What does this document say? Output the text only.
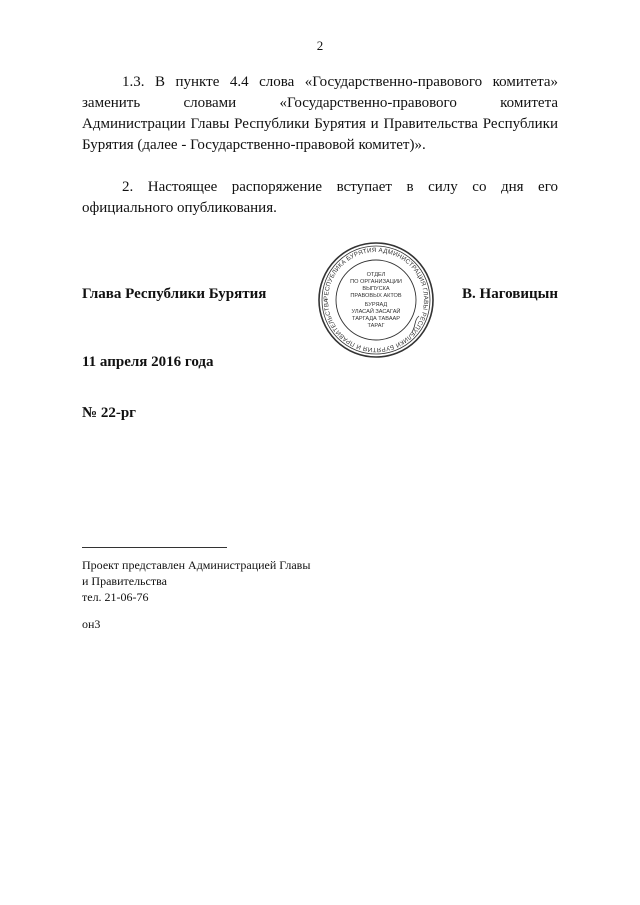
2
1.3. В пункте 4.4 слова «Государственно-правового комитета»
заменить словами «Государственно-правового комитета
Администрации Главы Республики Бурятия и Правительства Республики
Бурятия (далее - Государственно-правовой комитет)».
2. Настоящее распоряжение вступает в силу со дня его
официального опубликования.
Глава Республики Бурятия	РЕСПУБЛИКА БУРЯТИЯ АДМИНИСТРАЦИЯ ГЛАВЫ РЕСПУБЛИКИ БУРЯТИЯ И ПРАВИТЕЛЬСТВА
ОТДЕЛ
ПО ОРГАНИЗАЦИИ
ВЫПУСКА
ПРАВОВЫХ АКТОВ
БУРЯАД
УЛАСАЙ ЗАСАГАЙ
ТАРГАДА ТАВААР
ТАРАГ
В. Наговицын
11 апреля 2016 года
№ 22-рг
Проект представлен Администрацией Главы
и Правительства
тел. 21-06-76
он3
